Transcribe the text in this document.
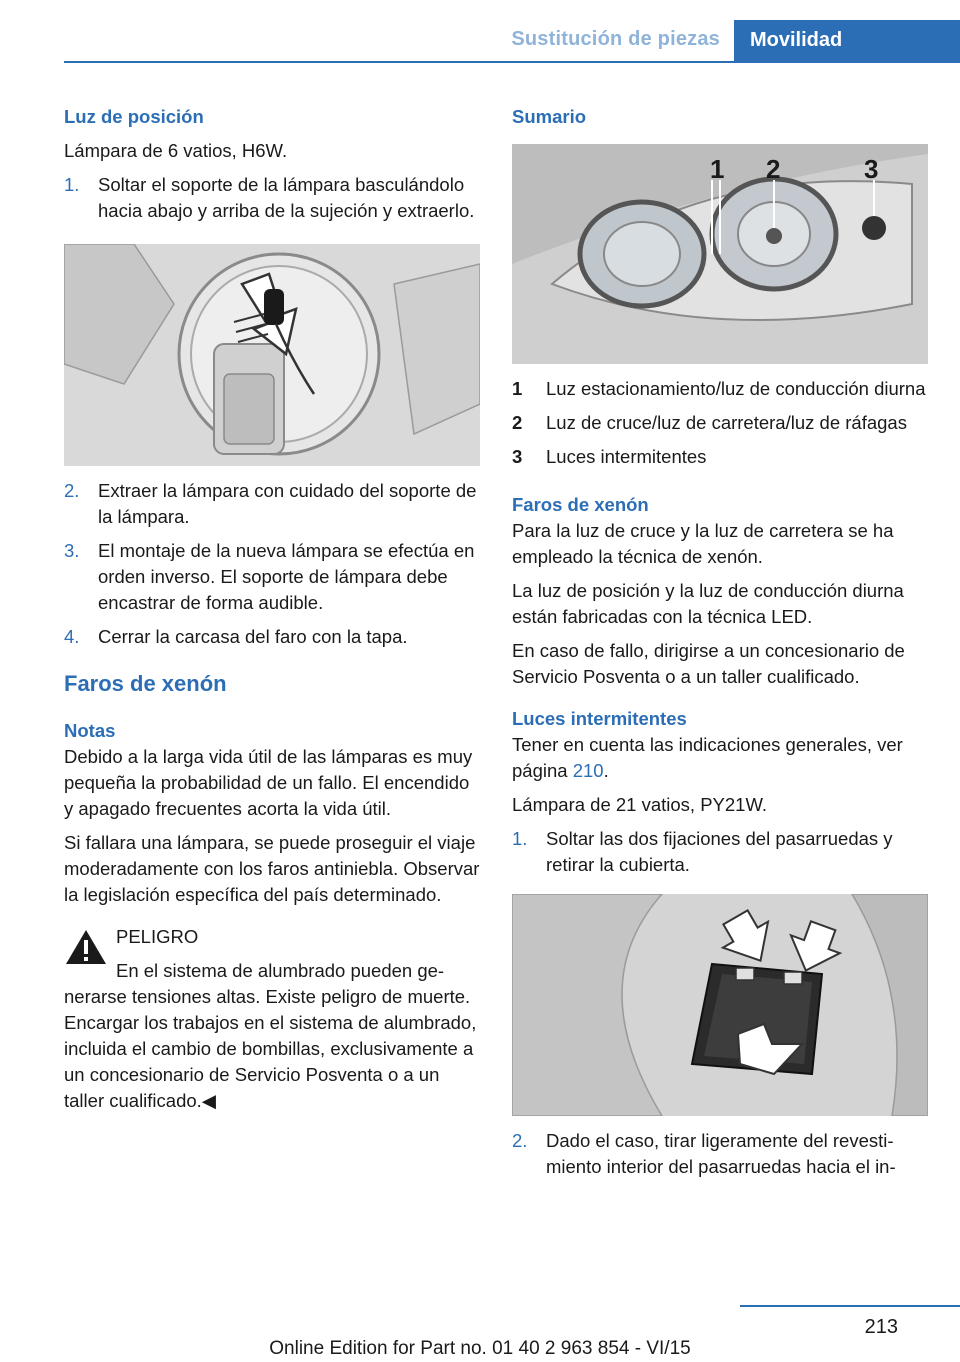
Sustitución de piezas	Movilidad
Luz de posición

Lámpara de 6 vatios, H6W.

1.	Soltar el soporte de la lámpara basculándolo hacia abajo y arriba de la sujeción y extraerlo.
2.	Extraer la lámpara con cuidado del soporte de la lámpara.
3.	El montaje de la nueva lámpara se efectúa en orden inverso. El soporte de lámpara debe encastrar de forma audible.
4.	Cerrar la carcasa del faro con la tapa.
Faros de xenón
Notas

Debido a la larga vida útil de las lámparas es muy pequeña la probabilidad de un fallo. El encendido y apagado frecuentes acorta la vida útil.

Si fallara una lámpara, se puede proseguir el viaje moderadamente con los faros antiniebla. Observar la legislación específica del país determinado.

PELIGRO

En el sistema de alumbrado pueden generarse tensiones altas. Existe peligro de muerte. Encargar los trabajos en el sistema de alumbrado, incluida el cambio de bombillas, exclusivamente a un concesionario de Servicio Posventa o a un taller cualificado.◀

Sumario
1 2	3
1	Luz estacionamiento/luz de conducción diurna
2	Luz de cruce/luz de carretera/luz de ráfagas
3	Luces intermitentes
Faros de xenón

Para la luz de cruce y la luz de carretera se ha empleado la técnica de xenón.

La luz de posición y la luz de conducción diurna están fabricadas con la técnica LED.

En caso de fallo, dirigirse a un concesionario de Servicio Posventa o a un taller cualificado.

Luces intermitentes

Tener en cuenta las indicaciones generales, ver página 210.

Lámpara de 21 vatios, PY21W.

1.	Soltar las dos fijaciones del pasarruedas y retirar la cubierta.
2.	Dado el caso, tirar ligeramente del revestimiento interior del pasarruedas hacia el in-
213
Online Edition for Part no. 01 40 2 963 854 - VI/15
